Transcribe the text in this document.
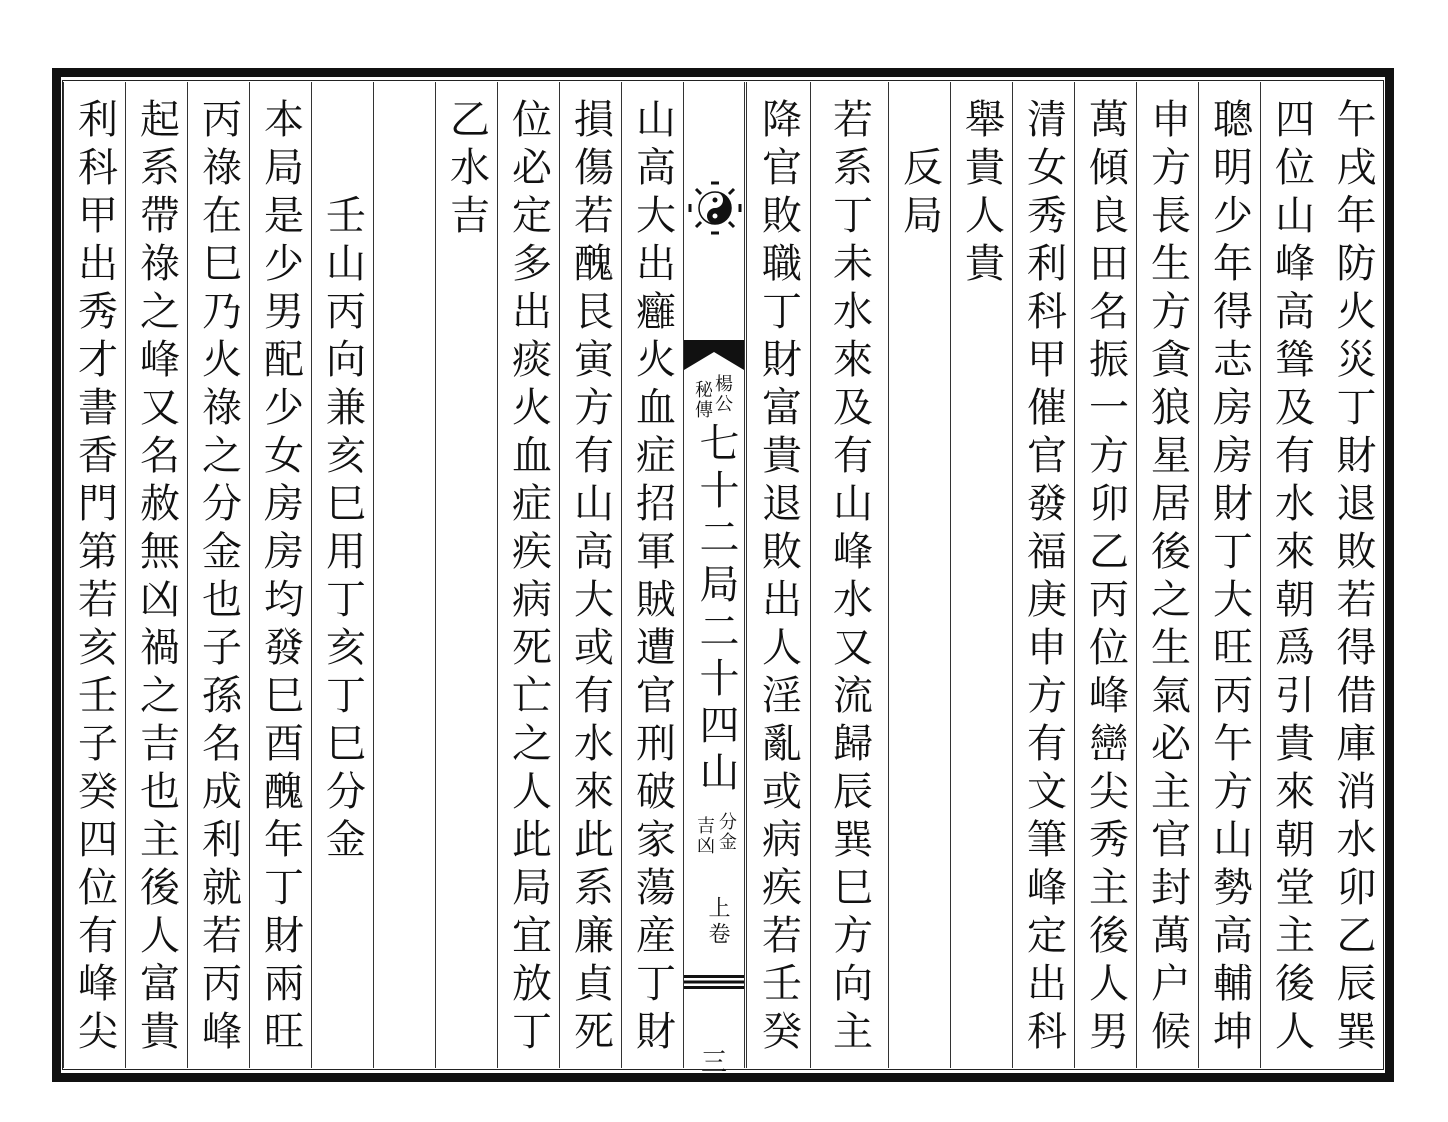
午戌年防火災丁財退敗若得借庫消水卯乙辰巽
四位山峰高聳及有水來朝爲引貴來朝堂主後人
聰明少年得志房房財丁大旺丙午方山勢高輔坤
申方長生方貪狼星居後之生氣必主官封萬户候
萬傾良田名振一方卯乙丙位峰巒尖秀主後人男
清女秀利科甲催官發福庚申方有文筆峰定出科
舉貴人貴
反局
若系丁未水來及有山峰水又流歸辰巽巳方向主
降官敗職丁財富貴退敗出人淫亂或病疾若壬癸
楊公
秘傳
七十二局二十四山
分金
吉凶
上卷
三
山高大出癰火血症招軍賊遭官刑破家蕩産丁財
損傷若醜艮寅方有山高大或有水來此系廉貞死
位必定多出痰火血症疾病死亡之人此局宜放丁
乙水吉
壬山丙向兼亥巳用丁亥丁巳分金
本局是少男配少女房房均發巳酉醜年丁財兩旺
丙祿在巳乃火祿之分金也子孫名成利就若丙峰
起系帶祿之峰又名赦無凶禍之吉也主後人富貴
利科甲出秀才書香門第若亥壬子癸四位有峰尖
